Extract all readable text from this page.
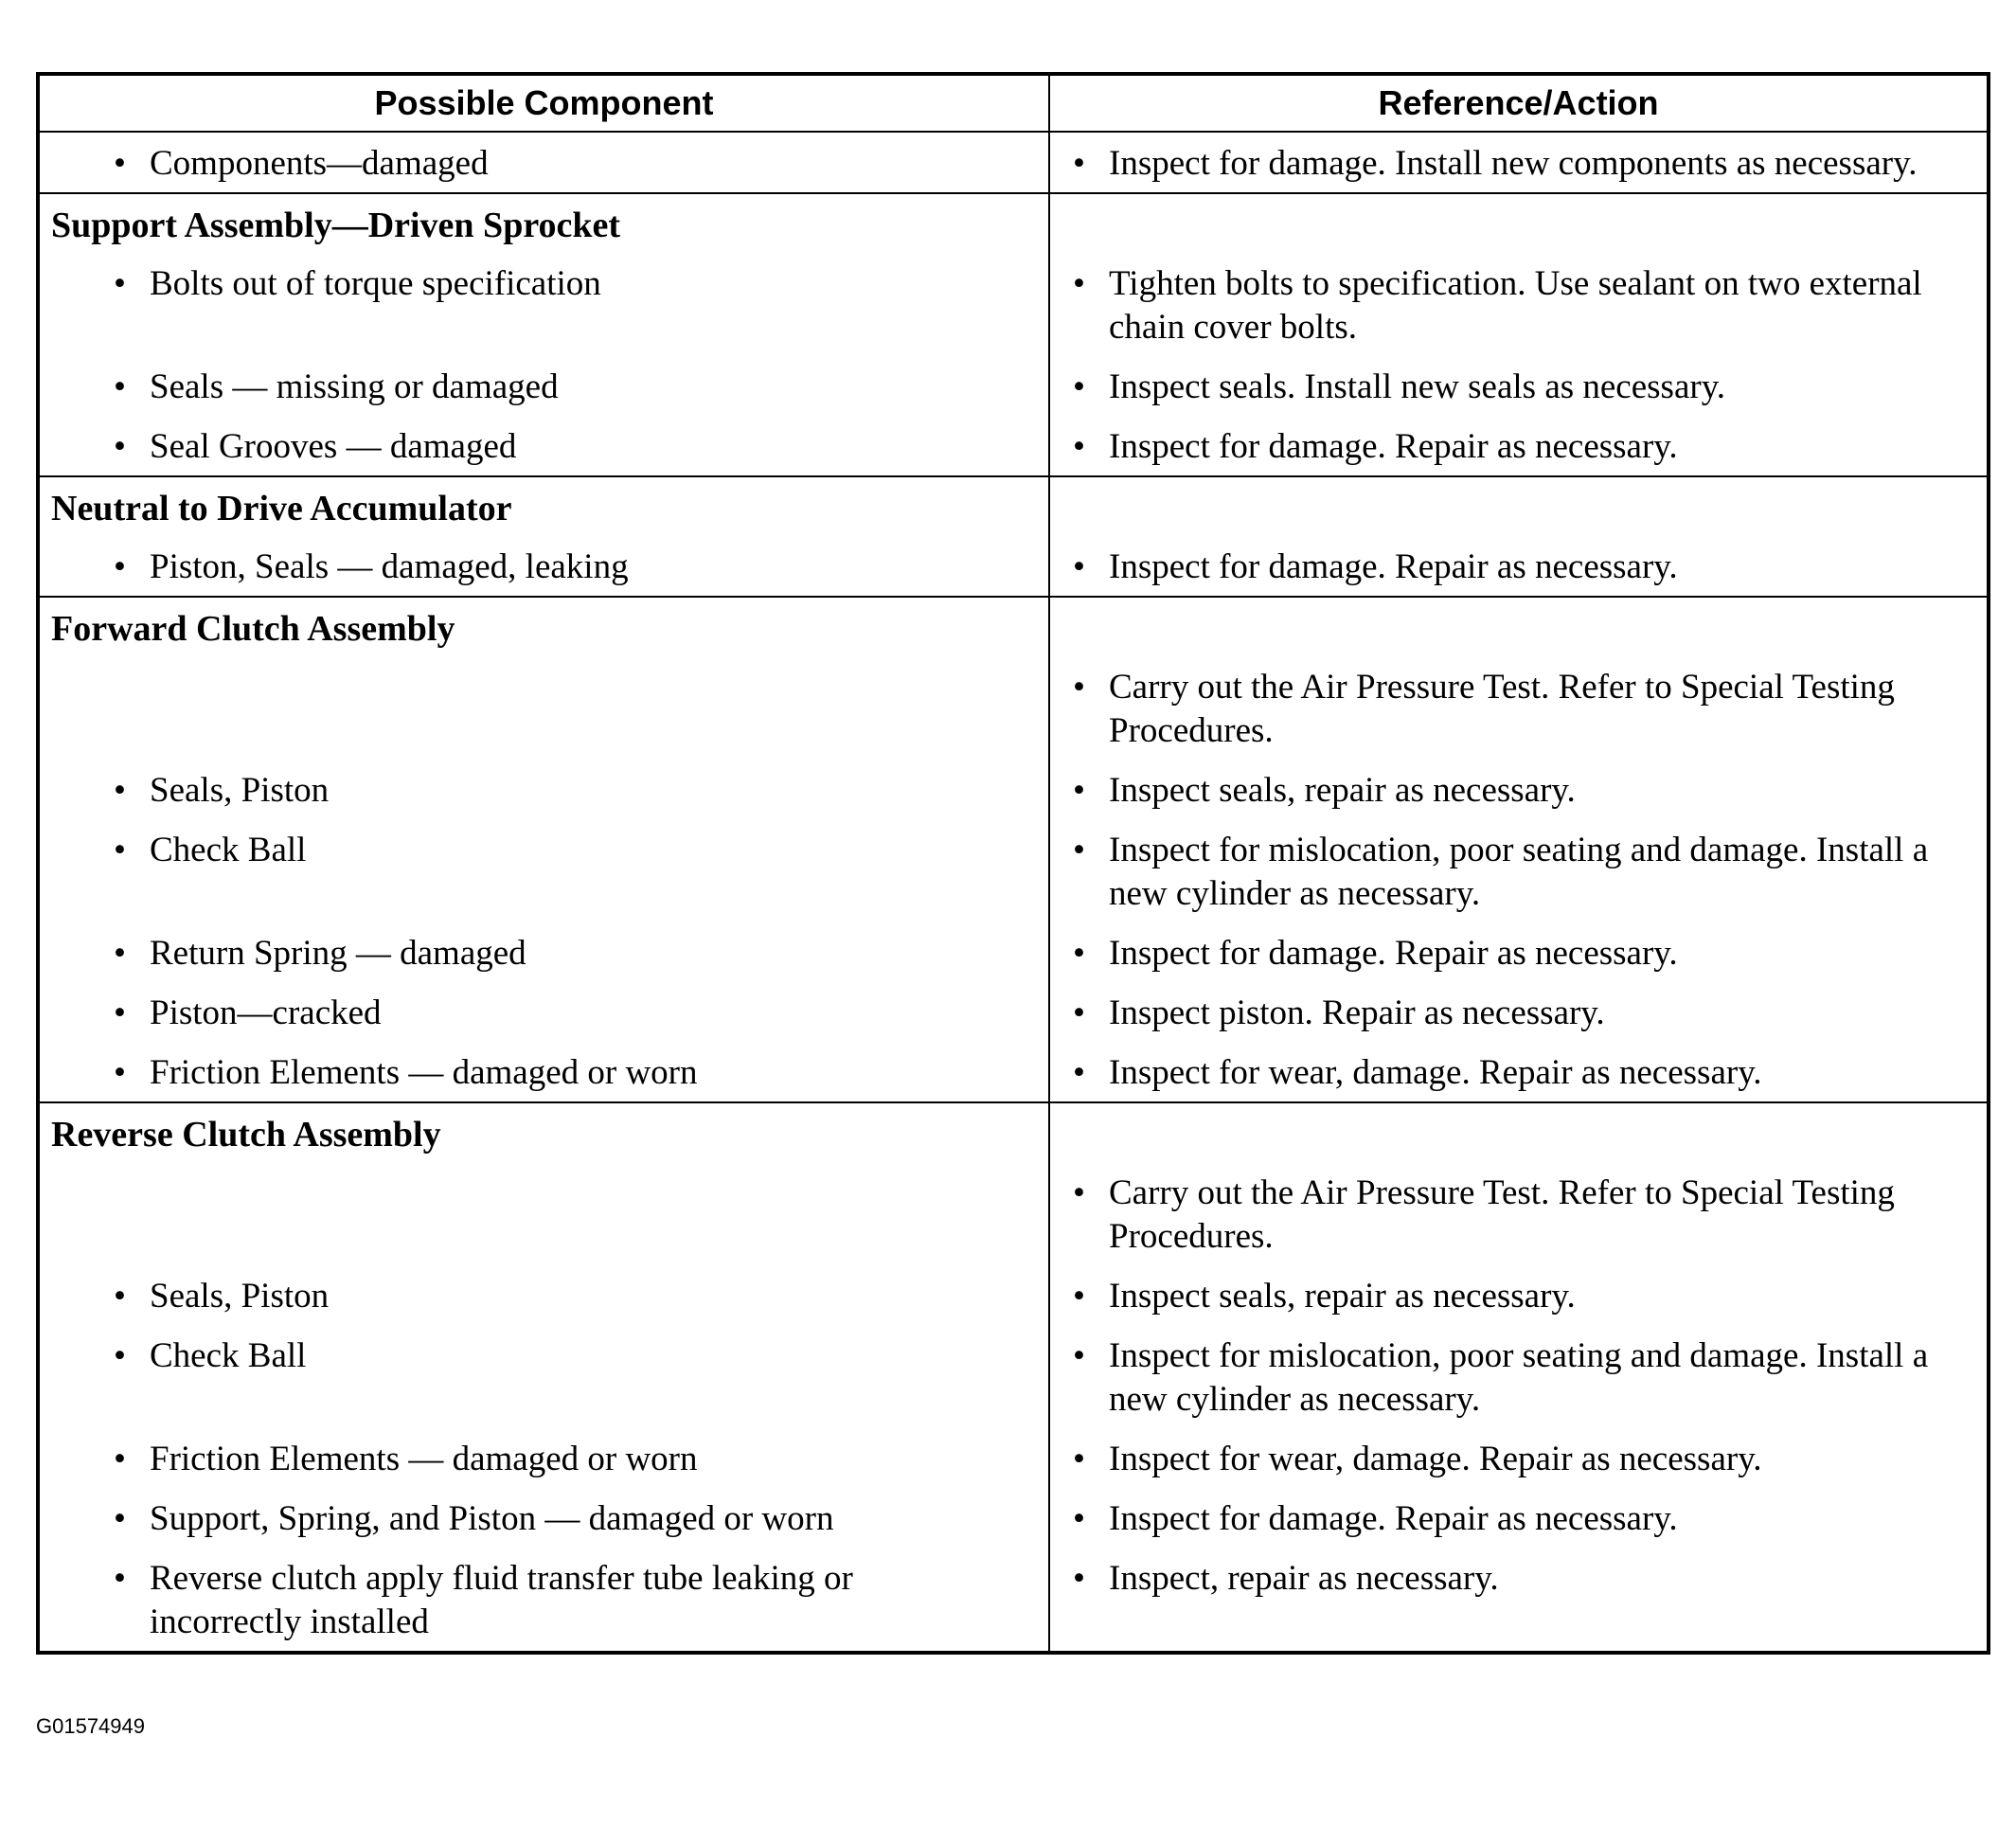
Possible Component	Reference/Action

• Components—damaged	• Inspect for damage. Install new components as necessary.

Support Assembly—Driven Sprocket	

• Bolts out of torque specification	• Tighten bolts to specification. Use sealant on two external chain cover bolts.

• Seals — missing or damaged	• Inspect seals. Install new seals as necessary.

• Seal Grooves — damaged	• Inspect for damage. Repair as necessary.

Neutral to Drive Accumulator	

• Piston, Seals — damaged, leaking	• Inspect for damage. Repair as necessary.

Forward Clutch Assembly	

	• Carry out the Air Pressure Test. Refer to Special Testing Procedures.

• Seals, Piston	• Inspect seals, repair as necessary.

• Check Ball	• Inspect for mislocation, poor seating and damage. Install a new cylinder as necessary.

• Return Spring — damaged	• Inspect for damage. Repair as necessary.

• Piston—cracked	• Inspect piston. Repair as necessary.

• Friction Elements — damaged or worn	• Inspect for wear, damage. Repair as necessary.

Reverse Clutch Assembly	

	• Carry out the Air Pressure Test. Refer to Special Testing Procedures.

• Seals, Piston	• Inspect seals, repair as necessary.

• Check Ball	• Inspect for mislocation, poor seating and damage. Install a new cylinder as necessary.

• Friction Elements — damaged or worn	• Inspect for wear, damage. Repair as necessary.

• Support, Spring, and Piston — damaged or worn	• Inspect for damage. Repair as necessary.

• Reverse clutch apply fluid transfer tube leaking or incorrectly installed	• Inspect, repair as necessary.
G01574949
